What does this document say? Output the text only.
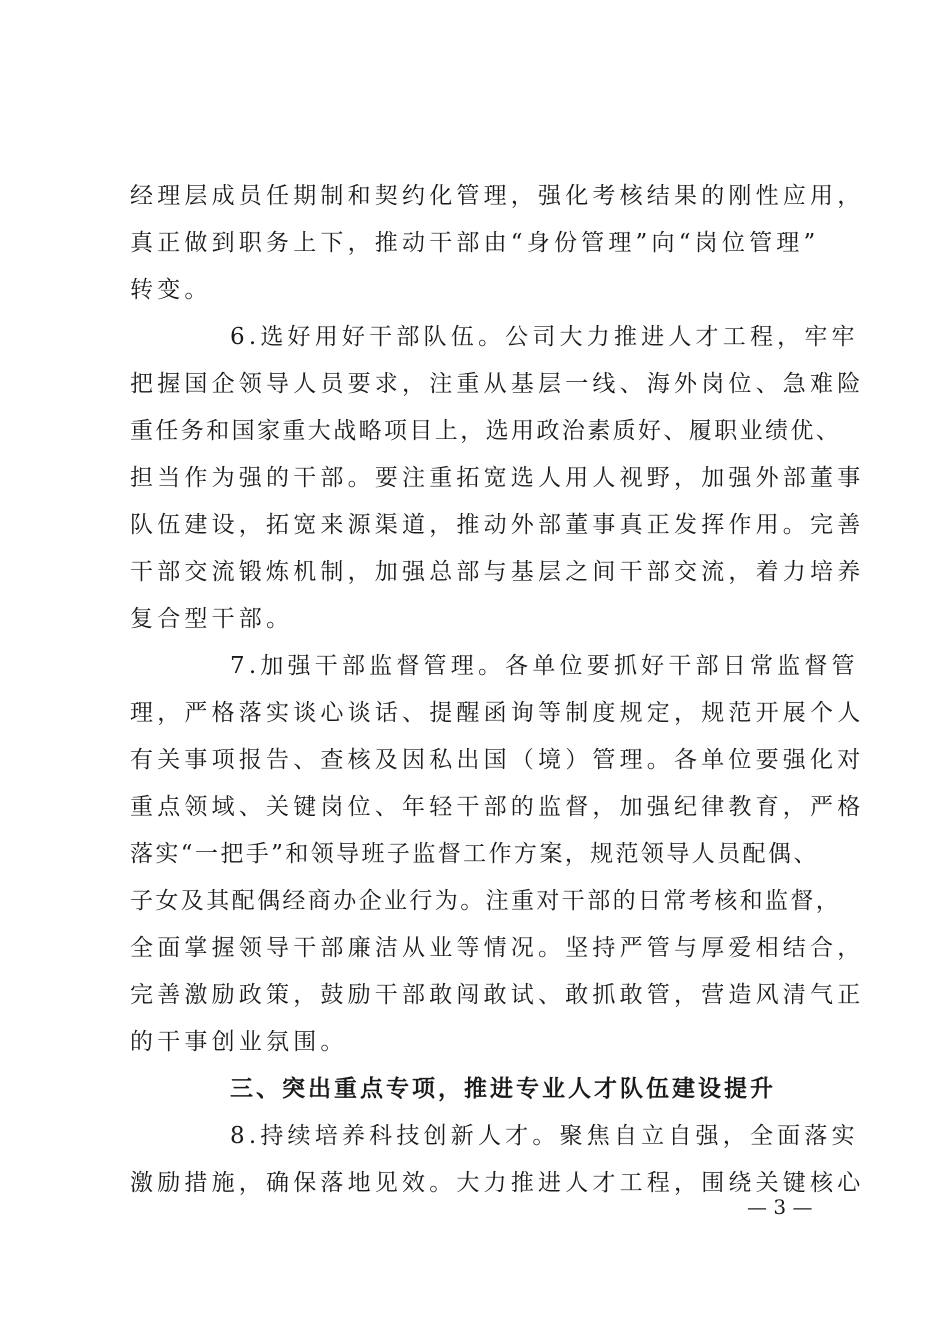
经理层成员任期制和契约化管理，强化考核结果的刚性应用，
真正做到职务上下，推动干部由“身份管理”向“岗位管理”
转变。
6.选好用好干部队伍。公司大力推进人才工程，牢牢
把握国企领导人员要求，注重从基层一线、海外岗位、急难险
重任务和国家重大战略项目上，选用政治素质好、履职业绩优、
担当作为强的干部。要注重拓宽选人用人视野，加强外部董事
队伍建设，拓宽来源渠道，推动外部董事真正发挥作用。完善
干部交流锻炼机制，加强总部与基层之间干部交流，着力培养
复合型干部。
7.加强干部监督管理。各单位要抓好干部日常监督管
理，严格落实谈心谈话、提醒函询等制度规定，规范开展个人
有关事项报告、查核及因私出国（境）管理。各单位要强化对
重点领域、关键岗位、年轻干部的监督，加强纪律教育，严格
落实“一把手”和领导班子监督工作方案，规范领导人员配偶、
子女及其配偶经商办企业行为。注重对干部的日常考核和监督，
全面掌握领导干部廉洁从业等情况。坚持严管与厚爱相结合，
完善激励政策，鼓励干部敢闯敢试、敢抓敢管，营造风清气正
的干事创业氛围。
三、突出重点专项，推进专业人才队伍建设提升
8.持续培养科技创新人才。聚焦自立自强，全面落实
激励措施，确保落地见效。大力推进人才工程，围绕关键核心
— 3 —
